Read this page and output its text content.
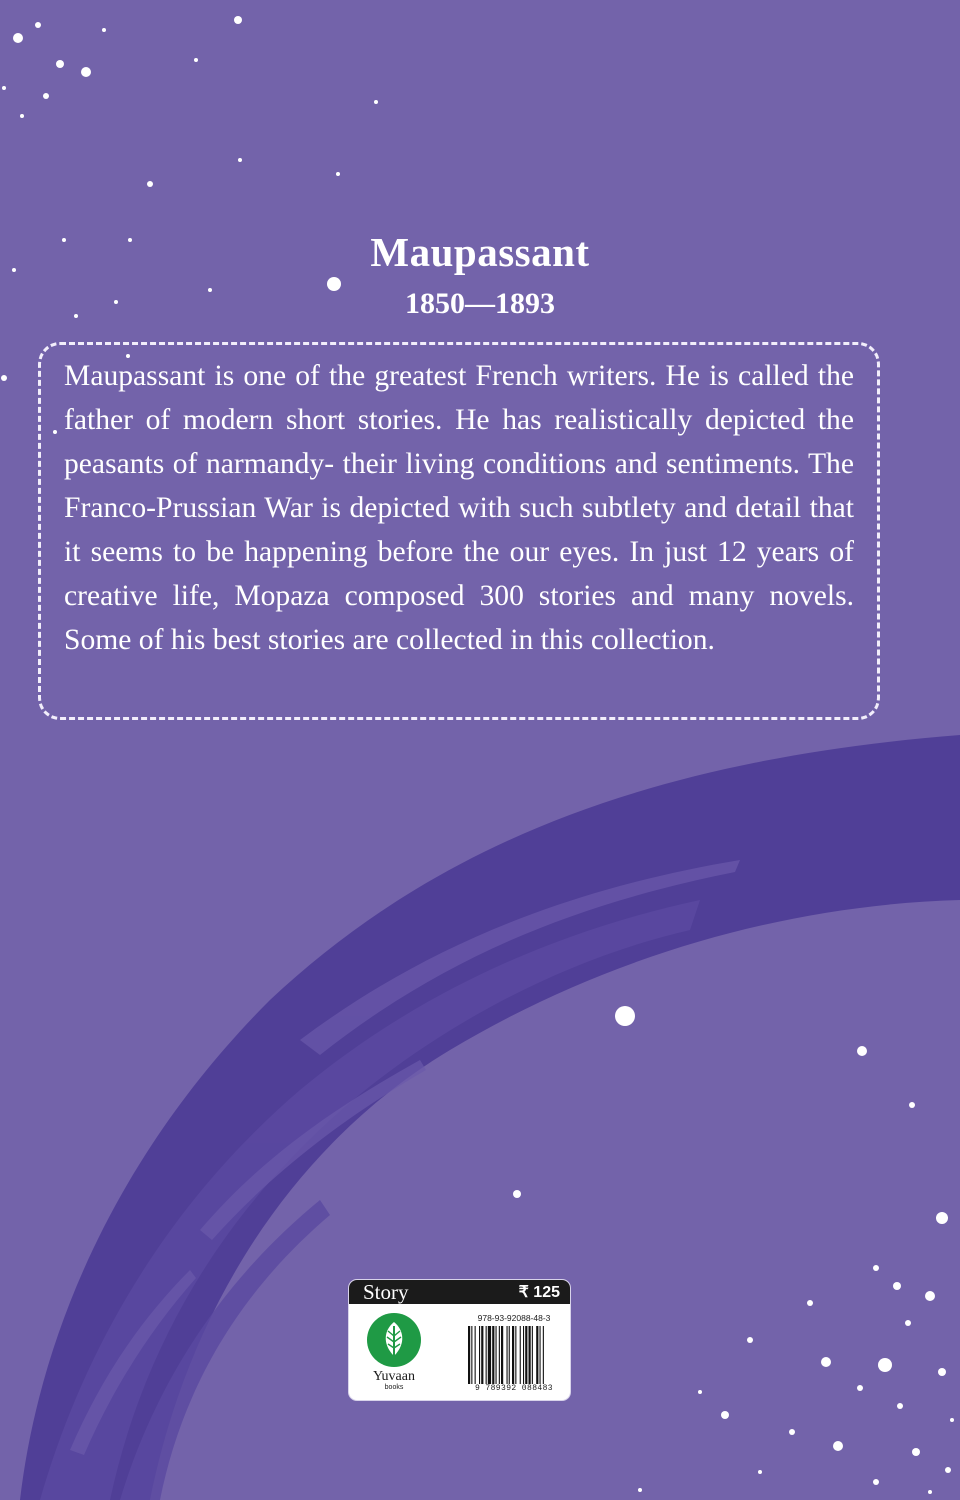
Maupassant
1850—1893

Maupassant is one of the greatest French writers. He is called the father of modern short stories. He has realistically depicted the peasants of narmandy- their living conditions and sentiments. The Franco-Prussian War is depicted with such subtlety and detail that it seems to be happening before the our eyes. In just 12 years of creative life, Mopaza composed 300 stories and many novels. Some of his best stories are collected in this collection.

Story	₹ 125
Yuvaan
books
978-93-92088-48-3
9 789392 088483
